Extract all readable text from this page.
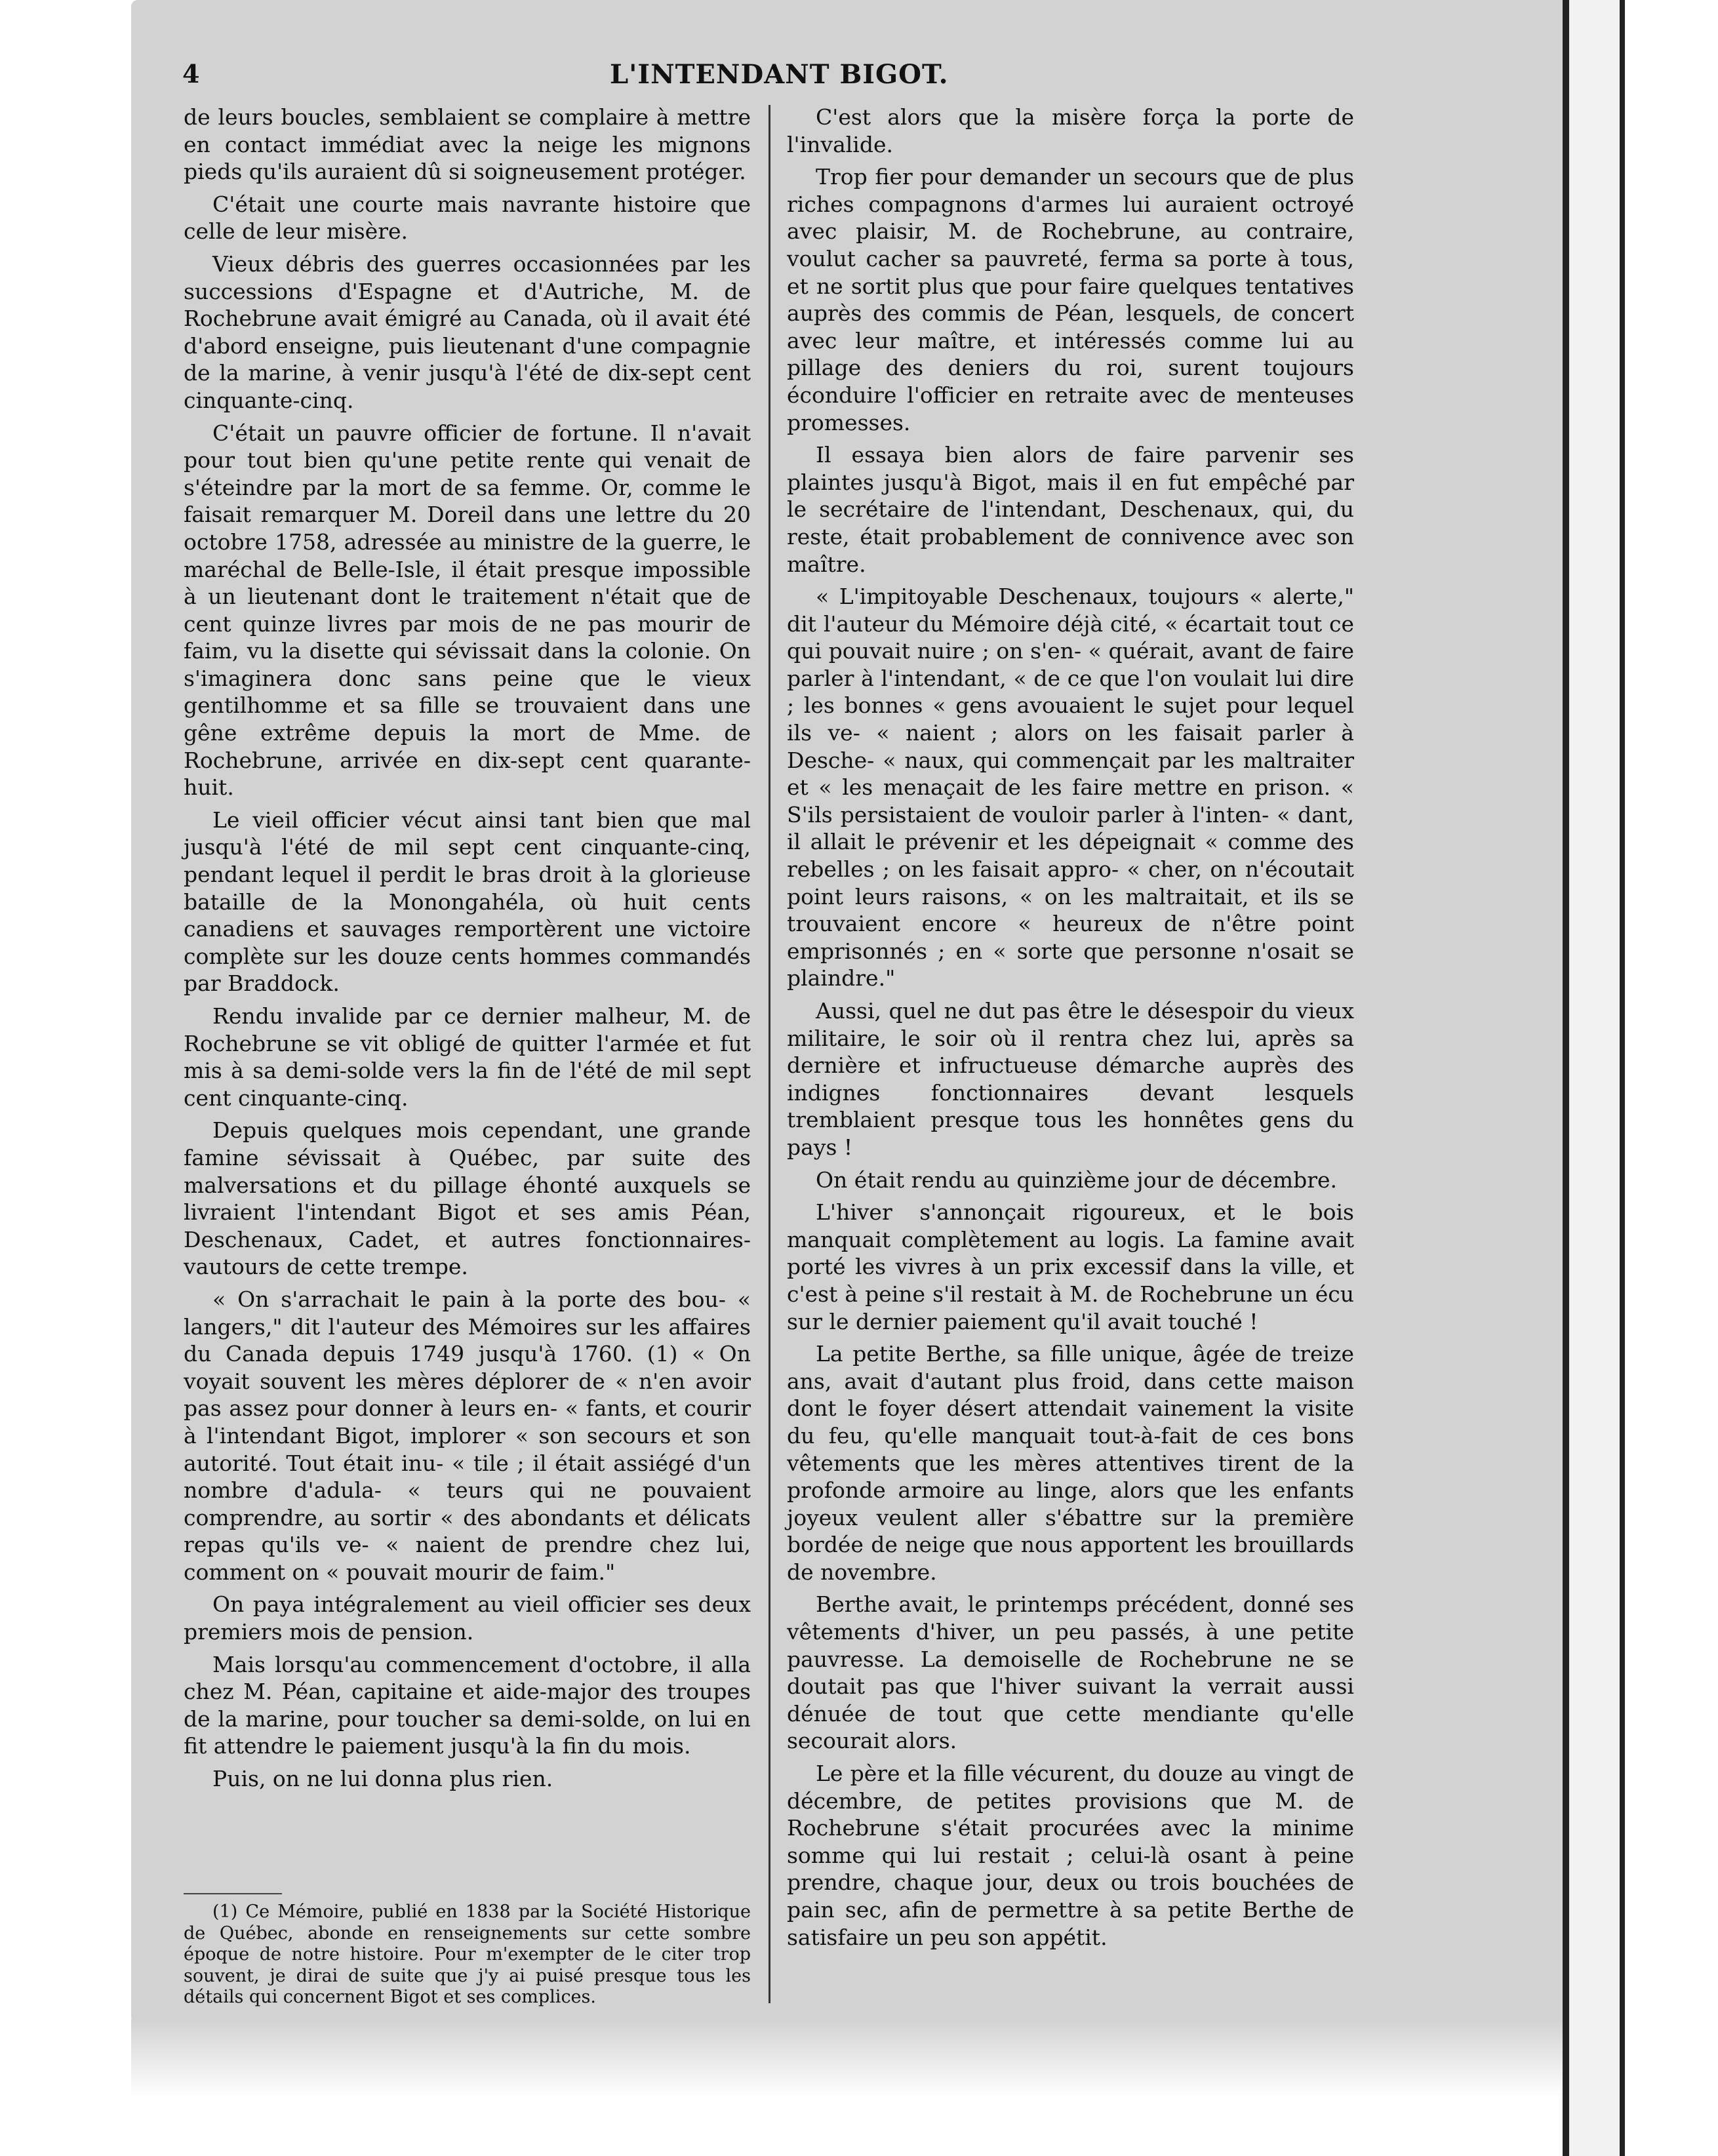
4	L'INTENDANT BIGOT.

de leurs boucles, semblaient se complaire à mettre en contact immédiat avec la neige les mignons pieds qu'ils auraient dû si soigneusement protéger.

C'était une courte mais navrante histoire que celle de leur misère.

Vieux débris des guerres occasionnées par les successions d'Espagne et d'Autriche, M. de Rochebrune avait émigré au Canada, où il avait été d'abord enseigne, puis lieutenant d'une compagnie de la marine, à venir jusqu'à l'été de dix-sept cent cinquante-cinq.

C'était un pauvre officier de fortune. Il n'avait pour tout bien qu'une petite rente qui venait de s'éteindre par la mort de sa femme. Or, comme le faisait remarquer M. Doreil dans une lettre du 20 octobre 1758, adressée au ministre de la guerre, le maréchal de Belle-Isle, il était presque impossible à un lieutenant dont le traitement n'était que de cent quinze livres par mois de ne pas mourir de faim, vu la disette qui sévissait dans la colonie. On s'imaginera donc sans peine que le vieux gentilhomme et sa fille se trouvaient dans une gêne extrême depuis la mort de Mme. de Rochebrune, arrivée en dix-sept cent quarante-huit.

Le vieil officier vécut ainsi tant bien que mal jusqu'à l'été de mil sept cent cinquante-cinq, pendant lequel il perdit le bras droit à la glorieuse bataille de la Monongahéla, où huit cents canadiens et sauvages remportèrent une victoire complète sur les douze cents hommes commandés par Braddock.

Rendu invalide par ce dernier malheur, M. de Rochebrune se vit obligé de quitter l'armée et fut mis à sa demi-solde vers la fin de l'été de mil sept cent cinquante-cinq.

Depuis quelques mois cependant, une grande famine sévissait à Québec, par suite des malversations et du pillage éhonté auxquels se livraient l'intendant Bigot et ses amis Péan, Deschenaux, Cadet, et autres fonctionnaires-vautours de cette trempe.

« On s'arrachait le pain à la porte des bou- « langers," dit l'auteur des Mémoires sur les affaires du Canada depuis 1749 jusqu'à 1760. (1) « On voyait souvent les mères déplorer de « n'en avoir pas assez pour donner à leurs en- « fants, et courir à l'intendant Bigot, implorer « son secours et son autorité. Tout était inu- « tile ; il était assiégé d'un nombre d'adula- « teurs qui ne pouvaient comprendre, au sortir « des abondants et délicats repas qu'ils ve- « naient de prendre chez lui, comment on « pouvait mourir de faim."

On paya intégralement au vieil officier ses deux premiers mois de pension.

Mais lorsqu'au commencement d'octobre, il alla chez M. Péan, capitaine et aide-major des troupes de la marine, pour toucher sa demi-solde, on lui en fit attendre le paiement jusqu'à la fin du mois.

Puis, on ne lui donna plus rien.

C'est alors que la misère força la porte de l'invalide.

Trop fier pour demander un secours que de plus riches compagnons d'armes lui auraient octroyé avec plaisir, M. de Rochebrune, au contraire, voulut cacher sa pauvreté, ferma sa porte à tous, et ne sortit plus que pour faire quelques tentatives auprès des commis de Péan, lesquels, de concert avec leur maître, et intéressés comme lui au pillage des deniers du roi, surent toujours éconduire l'officier en retraite avec de menteuses promesses.

Il essaya bien alors de faire parvenir ses plaintes jusqu'à Bigot, mais il en fut empêché par le secrétaire de l'intendant, Deschenaux, qui, du reste, était probablement de connivence avec son maître.

« L'impitoyable Deschenaux, toujours « alerte," dit l'auteur du Mémoire déjà cité, « écartait tout ce qui pouvait nuire ; on s'en- « quérait, avant de faire parler à l'intendant, « de ce que l'on voulait lui dire ; les bonnes « gens avouaient le sujet pour lequel ils ve- « naient ; alors on les faisait parler à Desche- « naux, qui commençait par les maltraiter et « les menaçait de les faire mettre en prison. « S'ils persistaient de vouloir parler à l'inten- « dant, il allait le prévenir et les dépeignait « comme des rebelles ; on les faisait appro- « cher, on n'écoutait point leurs raisons, « on les maltraitait, et ils se trouvaient encore « heureux de n'être point emprisonnés ; en « sorte que personne n'osait se plaindre."

Aussi, quel ne dut pas être le désespoir du vieux militaire, le soir où il rentra chez lui, après sa dernière et infructueuse démarche auprès des indignes fonctionnaires devant lesquels tremblaient presque tous les honnêtes gens du pays !

On était rendu au quinzième jour de décembre.

L'hiver s'annonçait rigoureux, et le bois manquait complètement au logis. La famine avait porté les vivres à un prix excessif dans la ville, et c'est à peine s'il restait à M. de Rochebrune un écu sur le dernier paiement qu'il avait touché !

La petite Berthe, sa fille unique, âgée de treize ans, avait d'autant plus froid, dans cette maison dont le foyer désert attendait vainement la visite du feu, qu'elle manquait tout-à-fait de ces bons vêtements que les mères attentives tirent de la profonde armoire au linge, alors que les enfants joyeux veulent aller s'ébattre sur la première bordée de neige que nous apportent les brouillards de novembre.

Berthe avait, le printemps précédent, donné ses vêtements d'hiver, un peu passés, à une petite pauvresse. La demoiselle de Rochebrune ne se doutait pas que l'hiver suivant la verrait aussi dénuée de tout que cette mendiante qu'elle secourait alors.

Le père et la fille vécurent, du douze au vingt de décembre, de petites provisions que M. de Rochebrune s'était procurées avec la minime somme qui lui restait ; celui-là osant à peine prendre, chaque jour, deux ou trois bouchées de pain sec, afin de permettre à sa petite Berthe de satisfaire un peu son appétit.

(1) Ce Mémoire, publié en 1838 par la Société Historique de Québec, abonde en renseignements sur cette sombre époque de notre histoire. Pour m'exempter de le citer trop souvent, je dirai de suite que j'y ai puisé presque tous les détails qui concernent Bigot et ses complices.
